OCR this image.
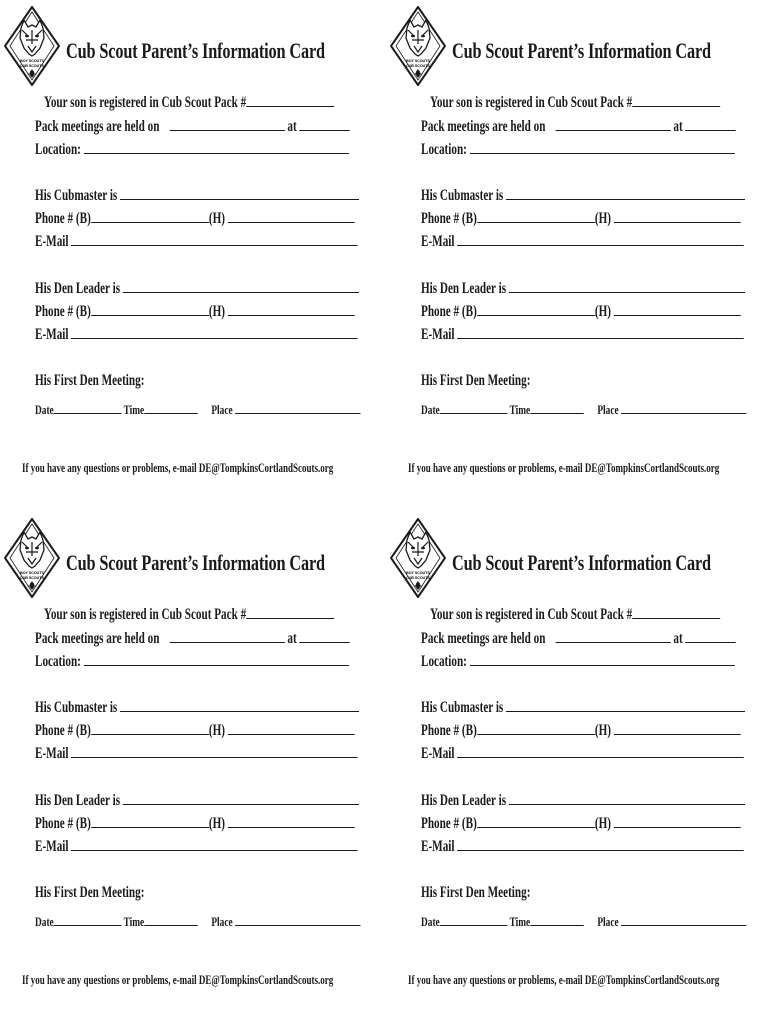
BOY SCOUTS
CUB SCOUTS
Cub Scout Parent’s Information Card
Your son is registered in Cub Scout Pack #
Pack meetings are held on	at
Location:
His Cubmaster is
Phone # (B)	(H)
E-Mail
His Den Leader is
Phone # (B)	(H)
E-Mail
His First Den Meeting:
Date	Time	Place
If you have any questions or problems, e-mail DE@TompkinsCortlandScouts.org
BOY SCOUTS
CUB SCOUTS
Cub Scout Parent’s Information Card
Your son is registered in Cub Scout Pack #
Pack meetings are held on	at
Location:
His Cubmaster is
Phone # (B)	(H)
E-Mail
His Den Leader is
Phone # (B)	(H)
E-Mail
His First Den Meeting:
Date	Time	Place
If you have any questions or problems, e-mail DE@TompkinsCortlandScouts.org
BOY SCOUTS
CUB SCOUTS
Cub Scout Parent’s Information Card
Your son is registered in Cub Scout Pack #
Pack meetings are held on	at
Location:
His Cubmaster is
Phone # (B)	(H)
E-Mail
His Den Leader is
Phone # (B)	(H)
E-Mail
His First Den Meeting:
Date	Time	Place
If you have any questions or problems, e-mail DE@TompkinsCortlandScouts.org
BOY SCOUTS
CUB SCOUTS
Cub Scout Parent’s Information Card
Your son is registered in Cub Scout Pack #
Pack meetings are held on	at
Location:
His Cubmaster is
Phone # (B)	(H)
E-Mail
His Den Leader is
Phone # (B)	(H)
E-Mail
His First Den Meeting:
Date	Time	Place
If you have any questions or problems, e-mail DE@TompkinsCortlandScouts.org
